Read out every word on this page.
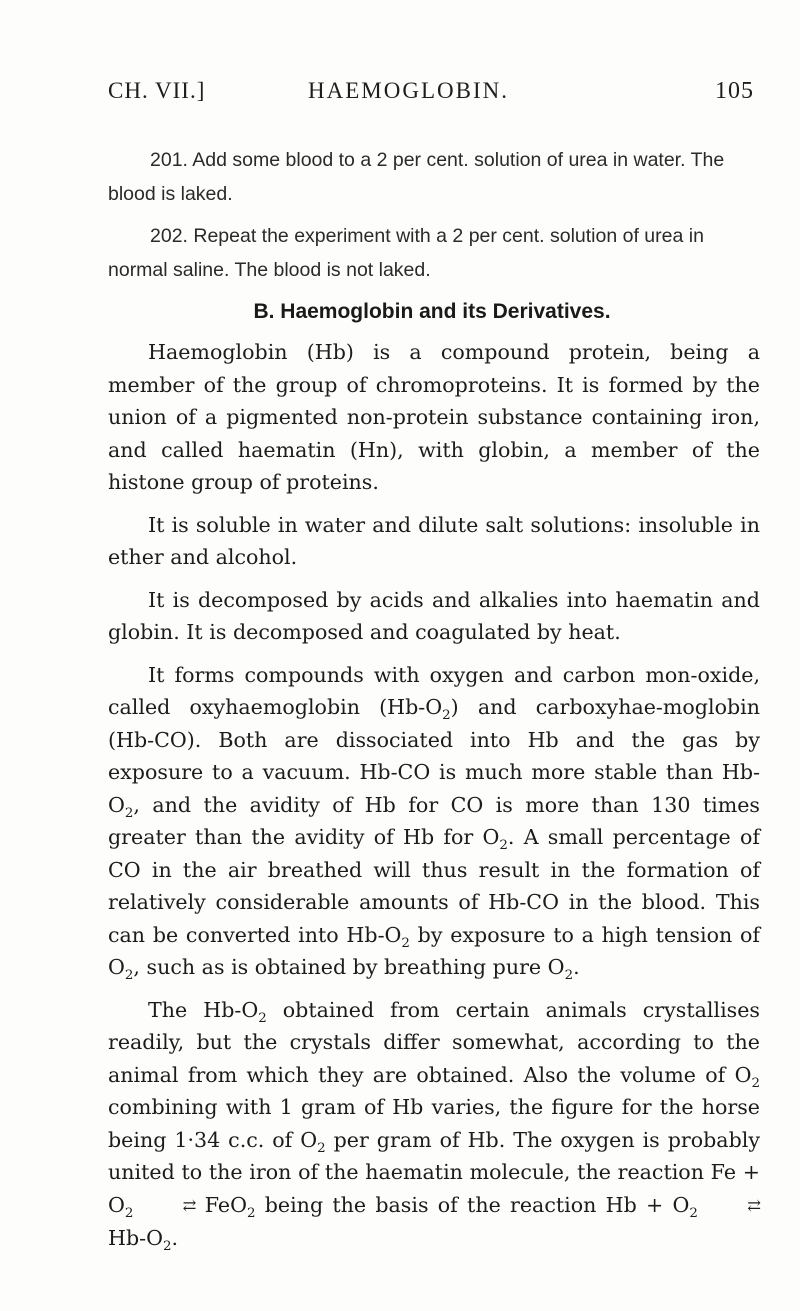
CH. VII.]	HAEMOGLOBIN.	105

201. Add some blood to a 2 per cent. solution of urea in water. The blood is laked.

202. Repeat the experiment with a 2 per cent. solution of urea in normal saline. The blood is not laked.

B. Haemoglobin and its Derivatives.

Haemoglobin (Hb) is a compound protein, being a member of the group of chromoproteins. It is formed by the union of a pigmented non-protein substance containing iron, and called haematin (Hn), with globin, a member of the histone group of proteins.

It is soluble in water and dilute salt solutions: insoluble in ether and alcohol.

It is decomposed by acids and alkalies into haematin and globin. It is decomposed and coagulated by heat.

It forms compounds with oxygen and carbon mon-oxide, called oxyhaemoglobin $(Hb-O_2)$ and carboxyhae-moglobin (Hb-CO). Both are dissociated into Hb and the gas by exposure to a vacuum. Hb-CO is much more stable than $Hb-O_2$, and the avidity of Hb for CO is more than 130 times greater than the avidity of Hb for $O_2$. A small percentage of CO in the air breathed will thus result in the formation of relatively considerable amounts of Hb-CO in the blood. This can be converted into $Hb-O_2$ by exposure to a high tension of $O_2$, such as is obtained by breathing pure $O_2$.

The $Hb-O_2$ obtained from certain animals crystallises readily, but the crystals differ somewhat, according to the animal from which they are obtained. Also the volume of $O_2$ combining with 1 gram of Hb varies, the figure for the horse being 1·34 c.c. of $O_2$ per gram of Hb. The oxygen is probably united to the iron of the haematin molecule, the reaction $Fe + O_2$	⇄ FeO$_2$ being the basis of the reaction $Hb + O_2$	⇄ $Hb-O_2$.
